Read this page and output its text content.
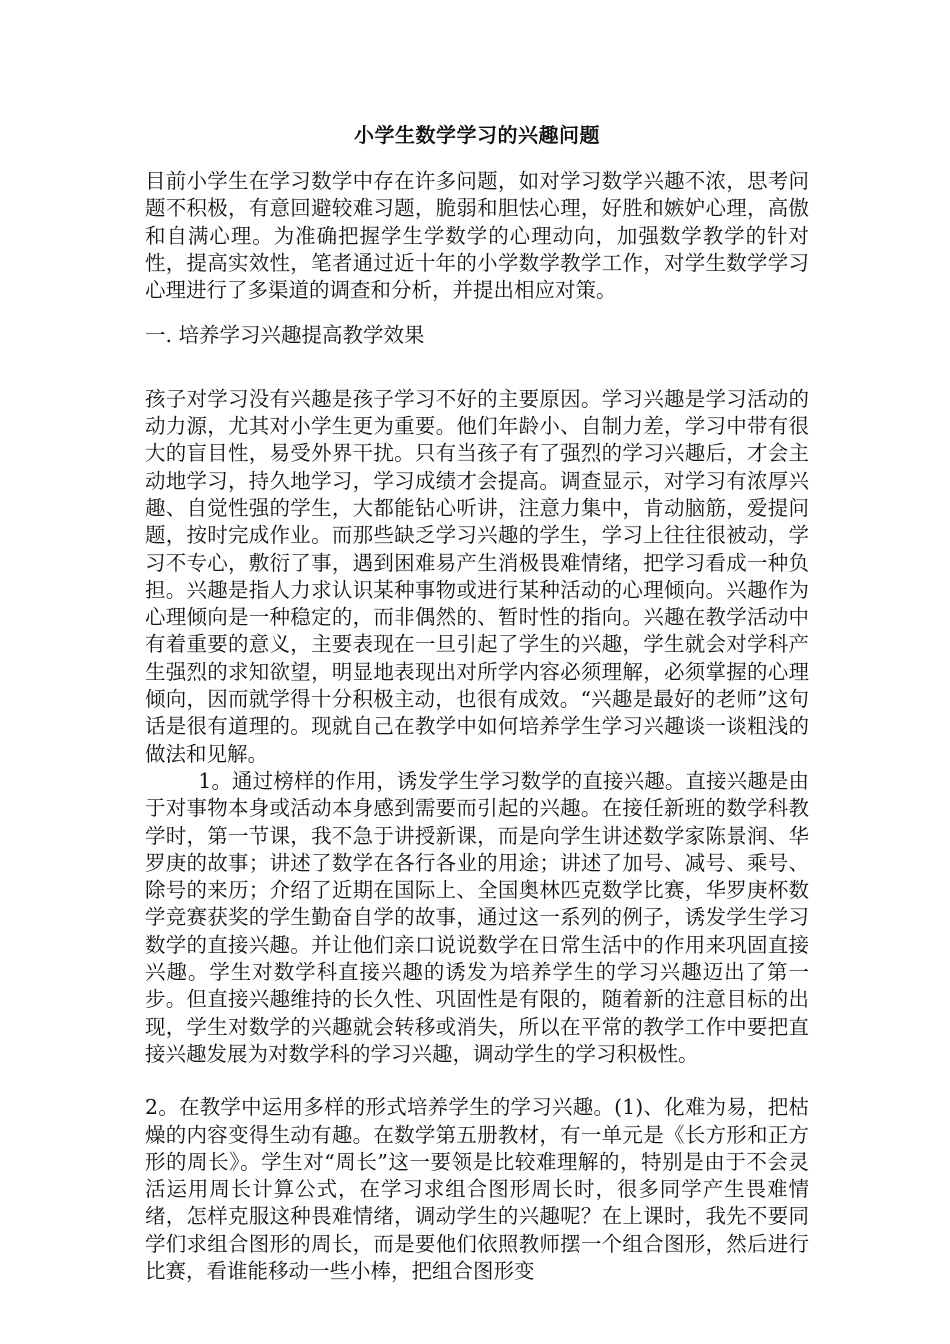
小学生数学学习的兴趣问题

目前小学生在学习数学中存在许多问题，如对学习数学兴趣不浓，思考问题不积极，有意回避较难习题，脆弱和胆怯心理，好胜和嫉妒心理，高傲和自满心理。为准确把握学生学数学的心理动向，加强数学教学的针对性，提高实效性，笔者通过近十年的小学数学教学工作，对学生数学学习心理进行了多渠道的调查和分析，并提出相应对策。

一. 培养学习兴趣提高教学效果

孩子对学习没有兴趣是孩子学习不好的主要原因。学习兴趣是学习活动的动力源，尤其对小学生更为重要。他们年龄小、自制力差，学习中带有很大的盲目性，易受外界干扰。只有当孩子有了强烈的学习兴趣后，才会主动地学习，持久地学习，学习成绩才会提高。调查显示，对学习有浓厚兴趣、自觉性强的学生，大都能钻心听讲，注意力集中，肯动脑筋，爱提问题，按时完成作业。而那些缺乏学习兴趣的学生，学习上往往很被动，学习不专心，敷衍了事，遇到困难易产生消极畏难情绪，把学习看成一种负担。兴趣是指人力求认识某种事物或进行某种活动的心理倾向。兴趣作为心理倾向是一种稳定的，而非偶然的、暂时性的指向。兴趣在教学活动中有着重要的意义，主要表现在一旦引起了学生的兴趣，学生就会对学科产生强烈的求知欲望，明显地表现出对所学内容必须理解，必须掌握的心理倾向，因而就学得十分积极主动，也很有成效。“兴趣是最好的老师”这句话是很有道理的。现就自己在教学中如何培养学生学习兴趣谈一谈粗浅的做法和见解。

1。通过榜样的作用，诱发学生学习数学的直接兴趣。直接兴趣是由于对事物本身或活动本身感到需要而引起的兴趣。在接任新班的数学科教学时，第一节课，我不急于讲授新课，而是向学生讲述数学家陈景润、华罗庚的故事；讲述了数学在各行各业的用途；讲述了加号、减号、乘号、除号的来历；介绍了近期在国际上、全国奥林匹克数学比赛，华罗庚杯数学竞赛获奖的学生勤奋自学的故事，通过这一系列的例子，诱发学生学习数学的直接兴趣。并让他们亲口说说数学在日常生活中的作用来巩固直接兴趣。学生对数学科直接兴趣的诱发为培养学生的学习兴趣迈出了第一步。但直接兴趣维持的长久性、巩固性是有限的，随着新的注意目标的出现，学生对数学的兴趣就会转移或消失，所以在平常的教学工作中要把直接兴趣发展为对数学科的学习兴趣，调动学生的学习积极性。

2。在教学中运用多样的形式培养学生的学习兴趣。(1)、化难为易，把枯燥的内容变得生动有趣。在数学第五册教材，有一单元是《长方形和正方形的周长》。学生对“周长”这一要领是比较难理解的，特别是由于不会灵活运用周长计算公式，在学习求组合图形周长时，很多同学产生畏难情绪，怎样克服这种畏难情绪，调动学生的兴趣呢？在上课时，我先不要同学们求组合图形的周长，而是要他们依照教师摆一个组合图形，然后进行比赛，看谁能移动一些小棒，把组合图形变
